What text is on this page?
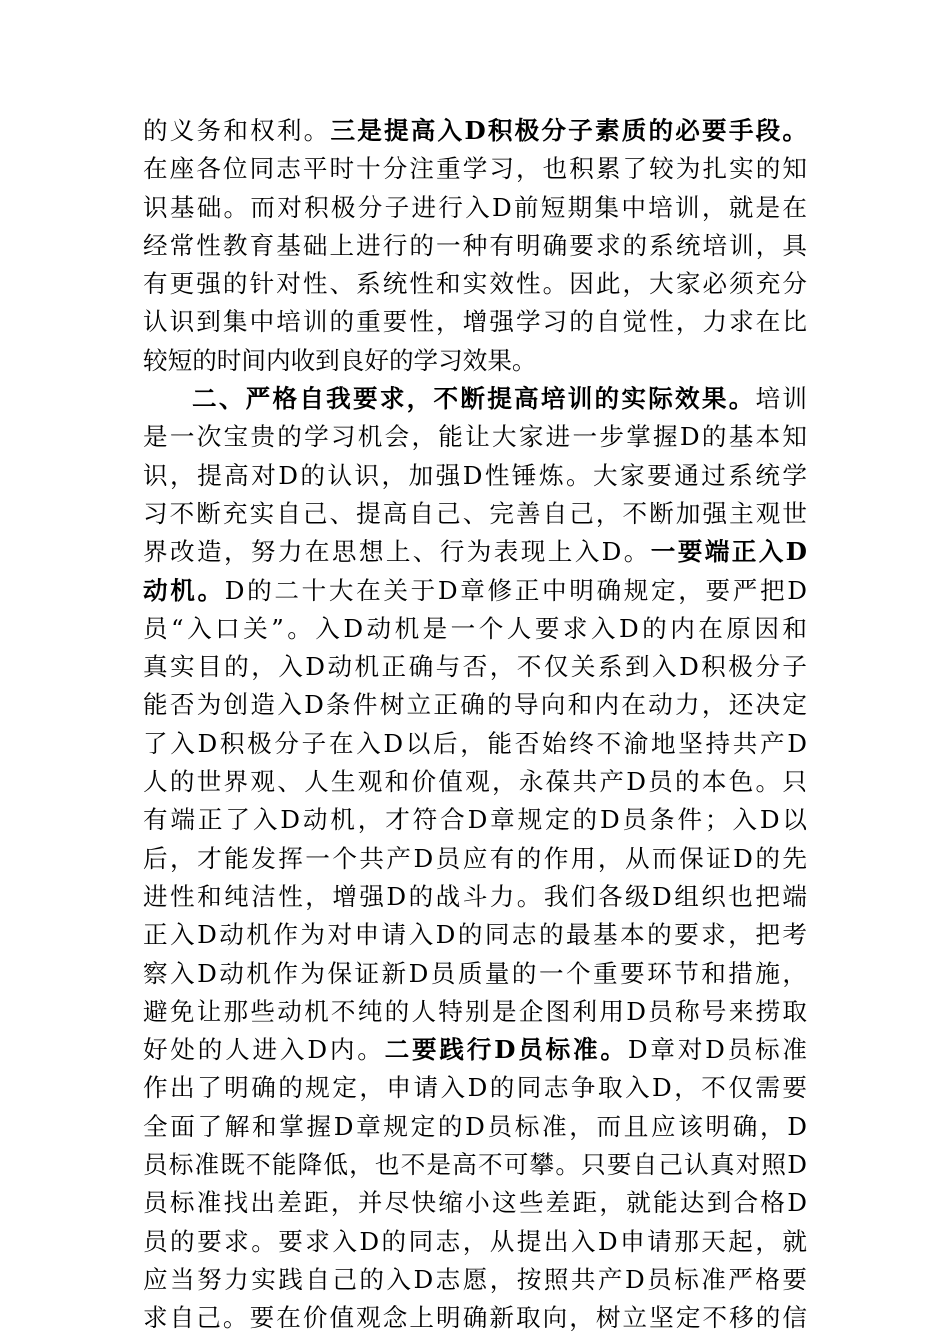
的义务和权利。三是提高入D积极分子素质的必要手段。
在座各位同志平时十分注重学习，也积累了较为扎实的知
识基础。而对积极分子进行入D前短期集中培训，就是在
经常性教育基础上进行的一种有明确要求的系统培训，具
有更强的针对性、系统性和实效性。因此，大家必须充分
认识到集中培训的重要性，增强学习的自觉性，力求在比
较短的时间内收到良好的学习效果。
二、严格自我要求，不断提高培训的实际效果。培训
是一次宝贵的学习机会，能让大家进一步掌握D的基本知
识，提高对D的认识，加强D性锤炼。大家要通过系统学
习不断充实自己、提高自己、完善自己，不断加强主观世
界改造，努力在思想上、行为表现上入D。一要端正入D
动机。D的二十大在关于D章修正中明确规定，要严把D
员“入口关”。入D动机是一个人要求入D的内在原因和
真实目的，入D动机正确与否，不仅关系到入D积极分子
能否为创造入D条件树立正确的导向和内在动力，还决定
了入D积极分子在入D以后，能否始终不渝地坚持共产D
人的世界观、人生观和价值观，永葆共产D员的本色。只
有端正了入D动机，才符合D章规定的D员条件；入D以
后，才能发挥一个共产D员应有的作用，从而保证D的先
进性和纯洁性，增强D的战斗力。我们各级D组织也把端
正入D动机作为对申请入D的同志的最基本的要求，把考
察入D动机作为保证新D员质量的一个重要环节和措施，
避免让那些动机不纯的人特别是企图利用D员称号来捞取
好处的人进入D内。二要践行D员标准。D章对D员标准
作出了明确的规定，申请入D的同志争取入D，不仅需要
全面了解和掌握D章规定的D员标准，而且应该明确，D
员标准既不能降低，也不是高不可攀。只要自己认真对照D
员标准找出差距，并尽快缩小这些差距，就能达到合格D
员的要求。要求入D的同志，从提出入D申请那天起，就
应当努力实践自己的入D志愿，按照共产D员标准严格要
求自己。要在价值观念上明确新取向，树立坚定不移的信
